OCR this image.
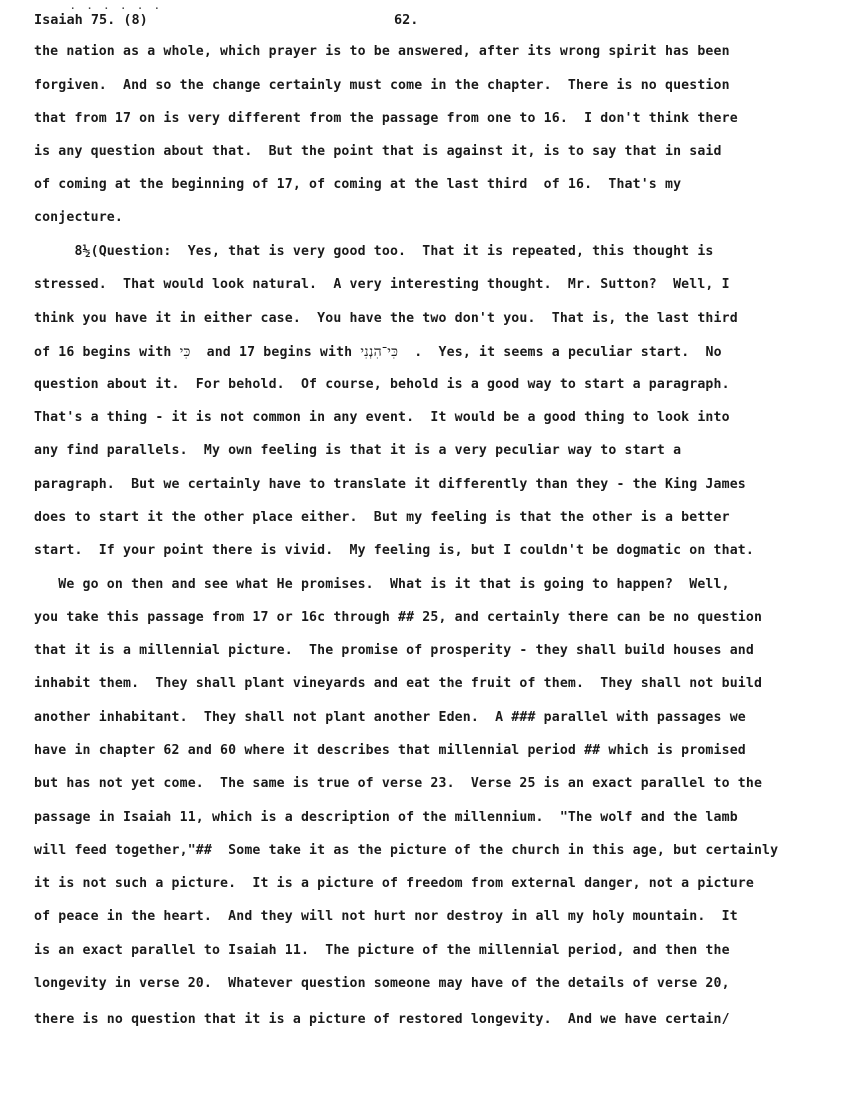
. . . . . .
Isaiah 75. (8)	62.
the nation as a whole, which prayer is to be answered, after its wrong spirit has been
forgiven.  And so the change certainly must come in the chapter.  There is no question
that from 17 on is very different from the passage from one to 16.  I don't think there
is any question about that.  But the point that is against it, is to say that in said
of coming at the beginning of 17, of coming at the last third  of 16.  That's my
conjecture.
8½(Question:  Yes, that is very good too.  That it is repeated, this thought is
stressed.  That would look natural.  A very interesting thought.  Mr. Sutton?  Well, I
think you have it in either case.  You have the two don't you.  That is, the last third
of 16 begins with כִּי  and 17 begins with כִּי־הִנְנִי  .  Yes, it seems a peculiar start.  No
question about it.  For behold.  Of course, behold is a good way to start a paragraph.
That's a thing - it is not common in any event.  It would be a good thing to look into
any find parallels.  My own feeling is that it is a very peculiar way to start a
paragraph.  But we certainly have to translate it differently than they - the King James
does to start it the other place either.  But my feeling is that the other is a better
start.  If your point there is vivid.  My feeling is, but I couldn't be dogmatic on that.
We go on then and see what He promises.  What is it that is going to happen?  Well,
you take this passage from 17 or 16c through ## 25, and certainly there can be no question
that it is a millennial picture.  The promise of prosperity - they shall build houses and
inhabit them.  They shall plant vineyards and eat the fruit of them.  They shall not build
another inhabitant.  They shall not plant another Eden.  A ### parallel with passages we
have in chapter 62 and 60 where it describes that millennial period ## which is promised
but has not yet come.  The same is true of verse 23.  Verse 25 is an exact parallel to the
passage in Isaiah 11, which is a description of the millennium.  "The wolf and the lamb
will feed together,"##  Some take it as the picture of the church in this age, but certainly
it is not such a picture.  It is a picture of freedom from external danger, not a picture
of peace in the heart.  And they will not hurt nor destroy in all my holy mountain.  It
is an exact parallel to Isaiah 11.  The picture of the millennial period, and then the
longevity in verse 20.  Whatever question someone may have of the details of verse 20,
there is no question that it is a picture of restored longevity.  And we have certain/
